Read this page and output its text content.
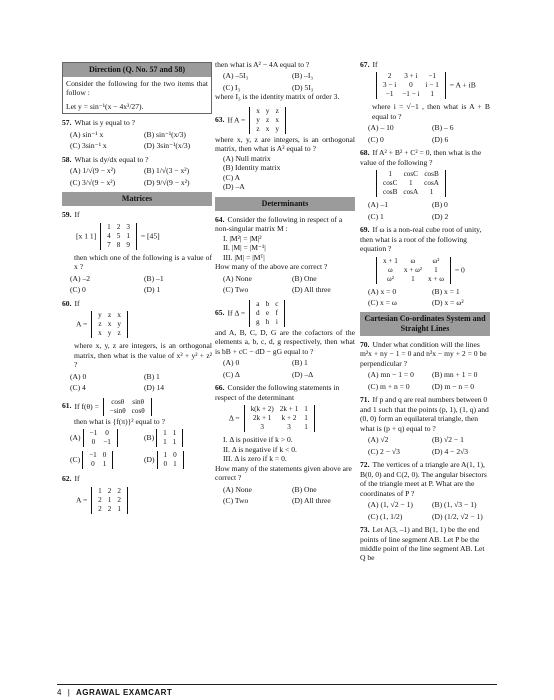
Direction (Q. No. 57 and 58)
Consider the following for the two items that follow :
Let y = sin⁻¹(x − 4x³/27).
57. What is y equal to ?
(A) sin⁻¹ x	(B) sin⁻¹(x/3)
(C) 3sin⁻¹ x	(D) 3sin⁻¹(x/3)
58. What is dy/dx equal to ?
(A) 1/√(9 − x²)	(B) 1/√(3 − x²)
(C) 3/√(9 − x²)	(D) 9/√(9 − x²)
Matrices
59. If
[x 1 1]
1	2	3
4	5	1
7	8	9
= [45]
then which one of the following is a value of x ?
(A) –2	(B) –1
(C) 0	(D) 1
60. If
A =
y	z	x
z	x	y
x	y	z
where x, y, z are integers, is an orthogonal matrix, then what is the value of x² + y² + z² ?
(A) 0	(B) 1
(C) 4	(D) 14
61. If f(θ) = cosθ	sinθ
−sinθ	cosθ
then what is {f(π)}² equal to ?
(A) −1	0
0	−1
(B) 1	1
1	1
(C) −1	0
0	1
(D) 1	0
0	1
62. If
A =
1	2	2
2	1	2
2	2	1
then what is A² − 4A equal to ?
(A) –5I₃	(B) –I₃
(C) I₃	(D) 5I₃
where I₃ is the identity matrix of order 3.
63. If A =
x	y	z
y	z	x
z	x	y
where x, y, z are integers, is an orthogonal matrix, then what is A² equal to ?
(A) Null matrix
(B) Identity matrix
(C) A
(D) –A
Determinants
64. Consider the following in respect of a non-singular matrix M :
I. |M²| = |M|²
II. |M| = |M⁻¹|
III. |M| = |Mᵀ|
How many of the above are correct ?
(A) None	(B) One
(C) Two	(D) All three
65. If Δ =
a	b	c
d	e	f
g	h	i
and A, B, C, D, G are the cofactors of the elements a, b, c, d, g respectively, then what is bB + cC − dD − gG equal to ?
(A) 0	(B) 1
(C) Δ	(D) –Δ
66. Consider the following statements in respect of the determinant
Δ =
k(k + 2)	2k + 1	1
2k + 1	k + 2	1
3	3	1
I. Δ is positive if k > 0.
II. Δ is negative if k < 0.
III. Δ is zero if k = 0.
How many of the statements given above are correct ?
(A) None	(B) One
(C) Two	(D) All three
67. If
2	3 + i	−1
3 − i	0	i − 1
−1	−1 − i	1
= A + iB
where i = √−1 , then what is A + B equal to ?
(A) – 10	(B) – 6
(C) 0	(D) 6
68. If A² + B² + C² = 0, then what is the value of the following ?
1	cosC	cosB
cosC	1	cosA
cosB	cosA	1
(A) –1	(B) 0
(C) 1	(D) 2
69. If ω is a non-real cube root of unity, then what is a root of the following equation ?
x + 1	ω	ω²
ω	x + ω²	1
ω²	1	x + ω
= 0
(A) x = 0	(B) x = 1
(C) x = ω	(D) x = ω²
Cartesian Co-ordinates System and Straight Lines
70. Under what condition will the lines m²x + ny − 1 = 0 and n²x − my + 2 = 0 be perpendicular ?
(A) mn − 1 = 0	(B) mn + 1 = 0
(C) m + n = 0	(D) m − n = 0
71. If p and q are real numbers between 0 and 1 such that the points (p, 1), (1, q) and (0, 0) form an equilateral triangle, then what is (p + q) equal to ?
(A) √2	(B) √2 − 1
(C) 2 − √3	(D) 4 − 2√3
72. The vertices of a triangle are A(1, 1), B(0, 0) and C(2, 0). The angular bisectors of the triangle meet at P. What are the coordinates of P ?
(A) (1, √2 − 1)	(B) (1, √3 − 1)
(C) (1, 1/2)	(D) (1/2, √2 − 1)
73. Let A(3, –1) and B(1, 1) be the end points of line segment AB. Let P be the middle point of the line segment AB. Let Q be
4 | AGRAWAL EXAMCART
